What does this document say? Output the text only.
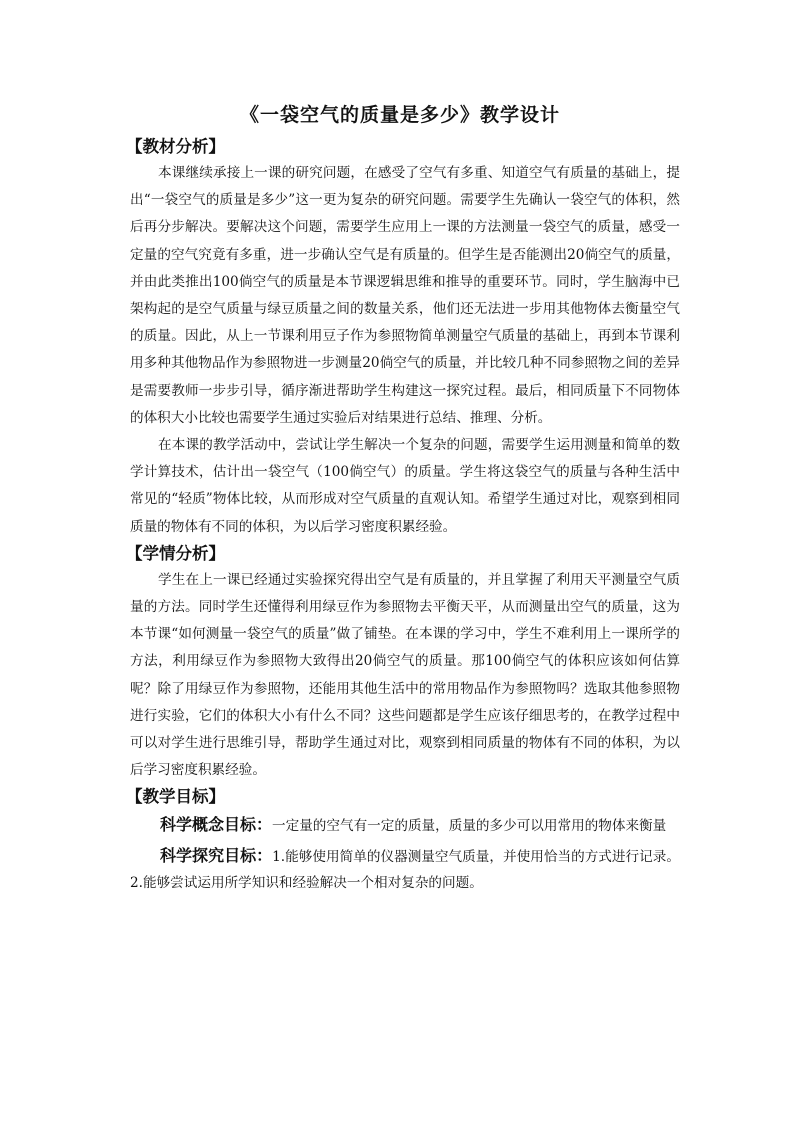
《一袋空气的质量是多少》教学设计
【教材分析】

本课继续承接上一课的研究问题，在感受了空气有多重、知道空气有质量的基础上，提出“一袋空气的质量是多少”这一更为复杂的研究问题。需要学生先确认一袋空气的体积，然后再分步解决。要解决这个问题，需要学生应用上一课的方法测量一袋空气的质量，感受一定量的空气究竟有多重，进一步确认空气是有质量的。但学生是否能测出20倘空气的质量，并由此类推出100倘空气的质量是本节课逻辑思维和推导的重要环节。同时，学生脑海中已架构起的是空气质量与绿豆质量之间的数量关系，他们还无法进一步用其他物体去衡量空气的质量。因此，从上一节课利用豆子作为参照物简单测量空气质量的基础上，再到本节课利用多种其他物品作为参照物进一步测量20倘空气的质量，并比较几种不同参照物之间的差异是需要教师一步步引导，循序渐进帮助学生构建这一探究过程。最后，相同质量下不同物体的体积大小比较也需要学生通过实验后对结果进行总结、推理、分析。

在本课的教学活动中，尝试让学生解决一个复杂的问题，需要学生运用测量和简单的数学计算技术，估计出一袋空气（100倘空气）的质量。学生将这袋空气的质量与各种生活中常见的“轻质”物体比较，从而形成对空气质量的直观认知。希望学生通过对比，观察到相同质量的物体有不同的体积，为以后学习密度积累经验。

【学情分析】

学生在上一课已经通过实验探究得出空气是有质量的，并且掌握了利用天平测量空气质量的方法。同时学生还懂得利用绿豆作为参照物去平衡天平，从而测量出空气的质量，这为本节课“如何测量一袋空气的质量”做了铺垫。在本课的学习中，学生不难利用上一课所学的方法，利用绿豆作为参照物大致得出20倘空气的质量。那100倘空气的体积应该如何估算呢？除了用绿豆作为参照物，还能用其他生活中的常用物品作为参照物吗？选取其他参照物进行实验，它们的体积大小有什么不同？这些问题都是学生应该仔细思考的，在教学过程中可以对学生进行思维引导，帮助学生通过对比，观察到相同质量的物体有不同的体积，为以后学习密度积累经验。

【教学目标】

科学概念目标：一定量的空气有一定的质量，质量的多少可以用常用的物体来衡量

科学探究目标：1.能够使用简单的仪器测量空气质量，并使用恰当的方式进行记录。2.能够尝试运用所学知识和经验解决一个相对复杂的问题。
